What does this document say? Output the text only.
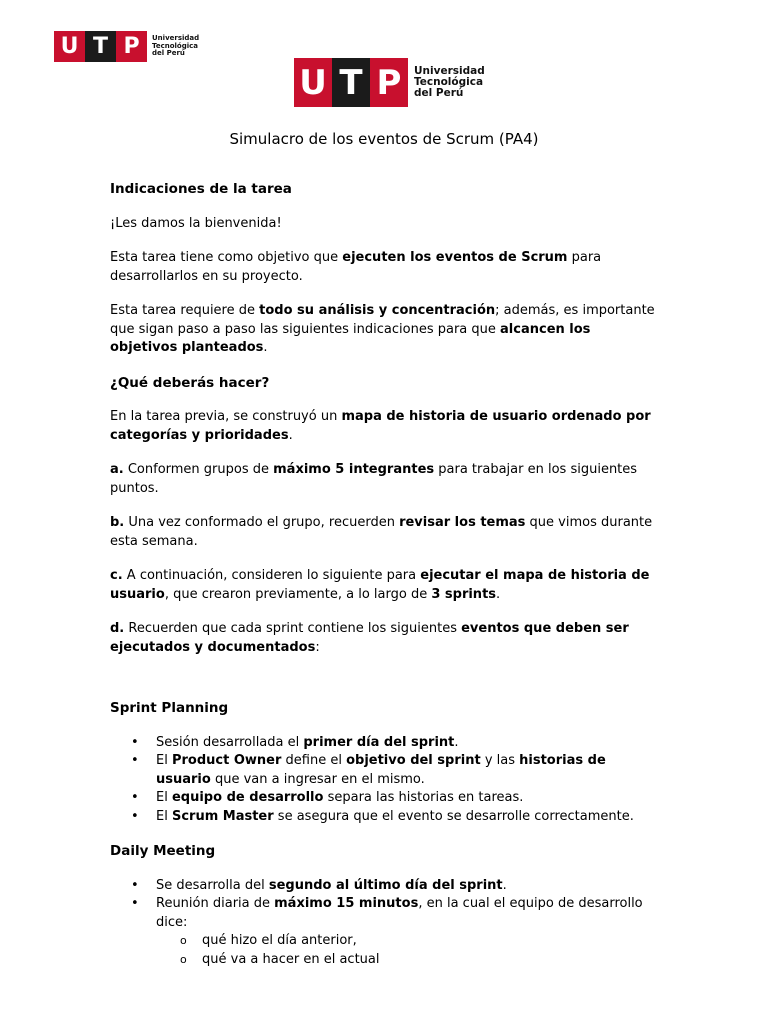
U T P	Universidad
Tecnológica
del Perú
U T P	Universidad
Tecnológica
del Perú
Simulacro de los eventos de Scrum (PA4)

Indicaciones de la tarea

¡Les damos la bienvenida!

Esta tarea tiene como objetivo que ejecuten los eventos de Scrum para desarrollarlos en su proyecto.

Esta tarea requiere de todo su análisis y concentración; además, es importante que sigan paso a paso las siguientes indicaciones para que alcancen los objetivos planteados.

¿Qué deberás hacer?

En la tarea previa, se construyó un mapa de historia de usuario ordenado por categorías y prioridades.

a. Conformen grupos de máximo 5 integrantes para trabajar en los siguientes puntos.

b. Una vez conformado el grupo, recuerden revisar los temas que vimos durante esta semana.

c. A continuación, consideren lo siguiente para ejecutar el mapa de historia de usuario, que crearon previamente, a lo largo de 3 sprints.

d. Recuerden que cada sprint contiene los siguientes eventos que deben ser ejecutados y documentados:

Sprint Planning

• Sesión desarrollada el primer día del sprint.

• El Product Owner define el objetivo del sprint y las historias de usuario que van a ingresar en el mismo.

• El equipo de desarrollo separa las historias en tareas.

• El Scrum Master se asegura que el evento se desarrolle correctamente.

Daily Meeting

• Se desarrolla del segundo al último día del sprint.

• Reunión diaria de máximo 15 minutos, en la cual el equipo de desarrollo dice:

o qué hizo el día anterior,

o qué va a hacer en el actual
